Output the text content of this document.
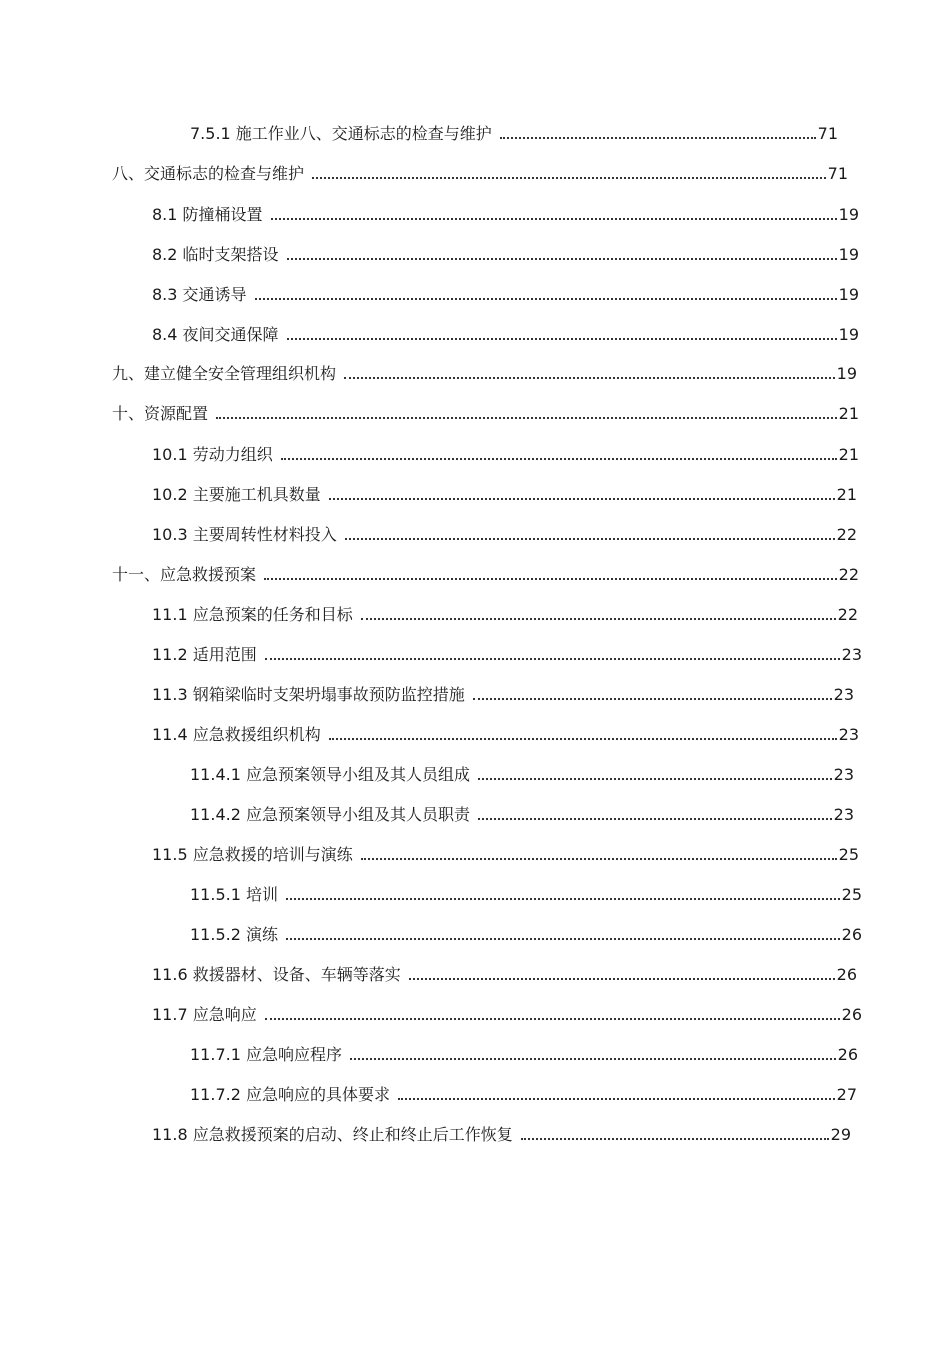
7.5.1 施工作业八、交通标志的检查与维护	71
八、交通标志的检查与维护	71
8.1 防撞桶设置	19
8.2 临时支架搭设	19
8.3 交通诱导	19
8.4 夜间交通保障	19
九、建立健全安全管理组织机构	19
十、资源配置	21
10.1 劳动力组织	21
10.2 主要施工机具数量	21
10.3 主要周转性材料投入	22
十一、应急救援预案	22
11.1 应急预案的任务和目标	22
11.2 适用范围	23
11.3 钢箱梁临时支架坍塌事故预防监控措施	23
11.4 应急救援组织机构	23
11.4.1 应急预案领导小组及其人员组成	23
11.4.2 应急预案领导小组及其人员职责	23
11.5 应急救援的培训与演练	25
11.5.1 培训	25
11.5.2 演练	26
11.6 救援器材、设备、车辆等落实	26
11.7 应急响应	26
11.7.1 应急响应程序	26
11.7.2 应急响应的具体要求	27
11.8 应急救援预案的启动、终止和终止后工作恢复	29
